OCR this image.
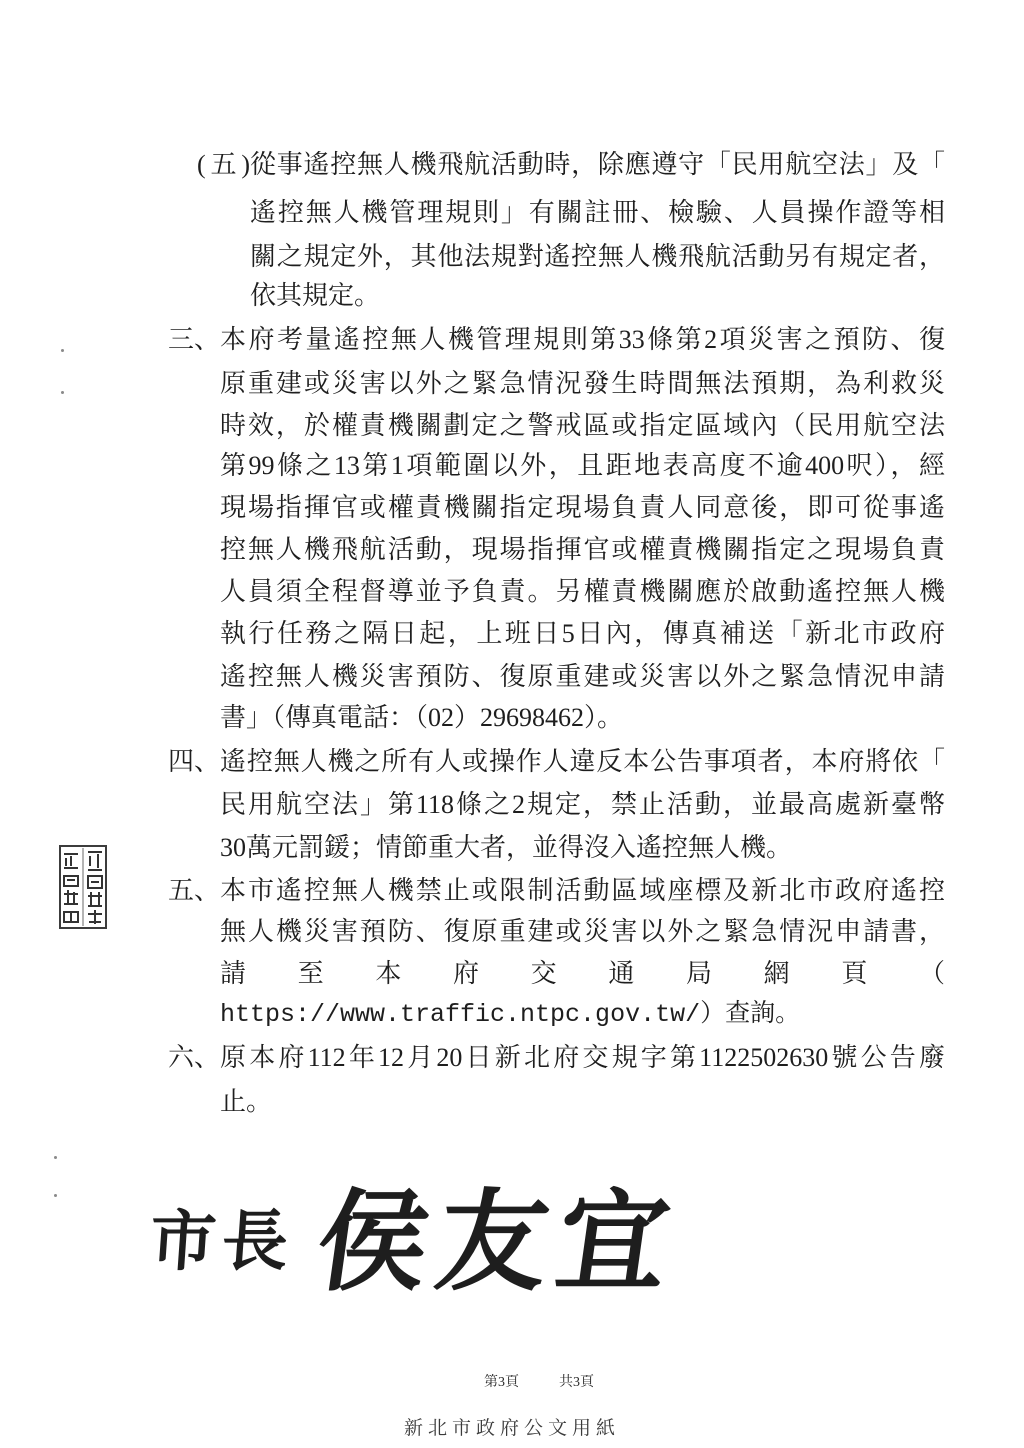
(五) 從事遙控無人機飛航活動時，除應遵守「民用航空法」及「
遙控無人機管理規則」有關註冊、檢驗、人員操作證等相
關之規定外，其他法規對遙控無人機飛航活動另有規定者，
依其規定。
三、 本府考量遙控無人機管理規則第33條第2項災害之預防、復
原重建或災害以外之緊急情況發生時間無法預期，為利救災
時效，於權責機關劃定之警戒區或指定區域內（民用航空法
第99條之13第1項範圍以外，且距地表高度不逾400呎），經
現場指揮官或權責機關指定現場負責人同意後，即可從事遙
控無人機飛航活動，現場指揮官或權責機關指定之現場負責
人員須全程督導並予負責。另權責機關應於啟動遙控無人機
執行任務之隔日起，上班日5日內，傳真補送「新北市政府
遙控無人機災害預防、復原重建或災害以外之緊急情況申請
書」（傳真電話：（02）29698462）。
四、 遙控無人機之所有人或操作人違反本公告事項者，本府將依「
民用航空法」第118條之2規定，禁止活動，並最高處新臺幣
30萬元罰鍰；情節重大者，並得沒入遙控無人機。
五、 本市遙控無人機禁止或限制活動區域座標及新北市政府遙控
無人機災害預防、復原重建或災害以外之緊急情況申請書，
請至本府交通局網頁（
https://www.traffic.ntpc.gov.tw/）查詢。
六、 原本府112年12月20日新北府交規字第1122502630號公告廢
止。
市長 侯友宜
第3頁	共3頁
新北市政府公文用紙
